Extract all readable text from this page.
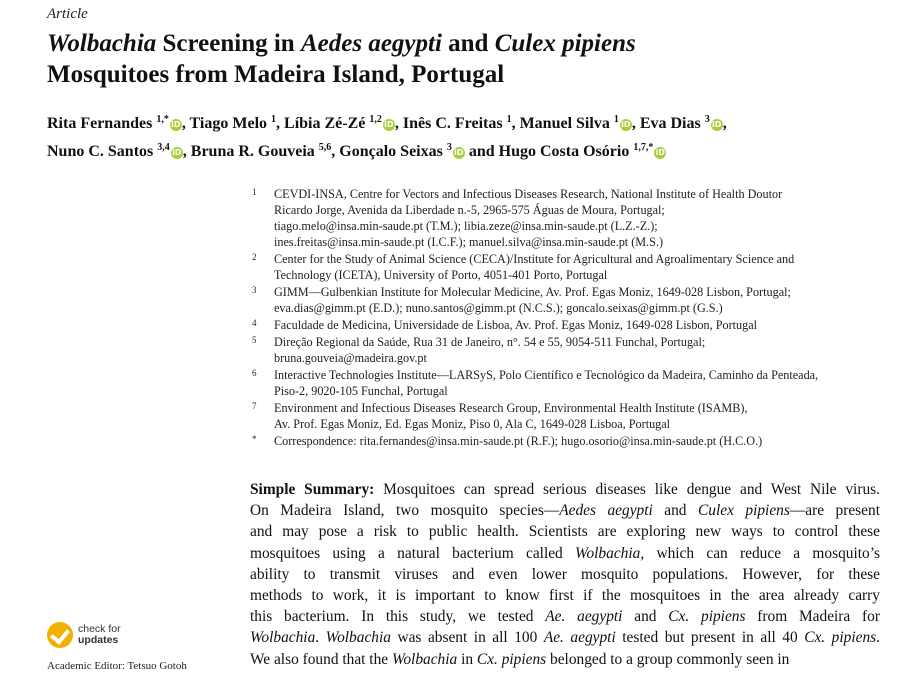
Article
Wolbachia Screening in Aedes aegypti and Culex pipiens
Mosquitoes from Madeira Island, Portugal
Rita Fernandes $^{1,*}$ iD, Tiago Melo $^1$, Líbia Zé-Zé $^{1,2}$ iD, Inês C. Freitas $^1$, Manuel Silva $^1$ iD, Eva Dias $^3$ iD,
Nuno C. Santos $^{3,4}$ iD, Bruna R. Gouveia $^{5,6}$, Gonçalo Seixas $^3$ iD and Hugo Costa Osório $^{1,7,*}$ iD
1 CEVDI-INSA, Centre for Vectors and Infectious Diseases Research, National Institute of Health Doutor
Ricardo Jorge, Avenida da Liberdade n.-5, 2965-575 Águas de Moura, Portugal;
tiago.melo@insa.min-saude.pt (T.M.); libia.zeze@insa.min-saude.pt (L.Z.-Z.);
ines.freitas@insa.min-saude.pt (I.C.F.); manuel.silva@insa.min-saude.pt (M.S.)
2 Center for the Study of Animal Science (CECA)/Institute for Agricultural and Agroalimentary Science and
Technology (ICETA), University of Porto, 4051-401 Porto, Portugal
3 GIMM—Gulbenkian Institute for Molecular Medicine, Av. Prof. Egas Moniz, 1649-028 Lisbon, Portugal;
eva.dias@gimm.pt (E.D.); nuno.santos@gimm.pt (N.C.S.); goncalo.seixas@gimm.pt (G.S.)
4 Faculdade de Medicina, Universidade de Lisboa, Av. Prof. Egas Moniz, 1649-028 Lisbon, Portugal
5 Direção Regional da Saúde, Rua 31 de Janeiro, n°. 54 e 55, 9054-511 Funchal, Portugal;
bruna.gouveia@madeira.gov.pt
6 Interactive Technologies Institute—LARSyS, Polo Científico e Tecnológico da Madeira, Caminho da Penteada,
Piso-2, 9020-105 Funchal, Portugal
7 Environment and Infectious Diseases Research Group, Environmental Health Institute (ISAMB),
Av. Prof. Egas Moniz, Ed. Egas Moniz, Piso 0, Ala C, 1649-028 Lisboa, Portugal
* Correspondence: rita.fernandes@insa.min-saude.pt (R.F.); hugo.osorio@insa.min-saude.pt (H.C.O.)
Simple Summary: Mosquitoes can spread serious diseases like dengue and West Nile virus.
On Madeira Island, two mosquito species—Aedes aegypti and Culex pipiens—are present
and may pose a risk to public health. Scientists are exploring new ways to control these
mosquitoes using a natural bacterium called Wolbachia, which can reduce a mosquito’s
ability to transmit viruses and even lower mosquito populations. However, for these
methods to work, it is important to know first if the mosquitoes in the area already carry
this bacterium. In this study, we tested Ae. aegypti and Cx. pipiens from Madeira for
Wolbachia. Wolbachia was absent in all 100 Ae. aegypti tested but present in all 40 Cx. pipiens.
We also found that the Wolbachia in Cx. pipiens belonged to a group commonly seen in
check for
updates
Academic Editor: Tetsuo Gotoh
